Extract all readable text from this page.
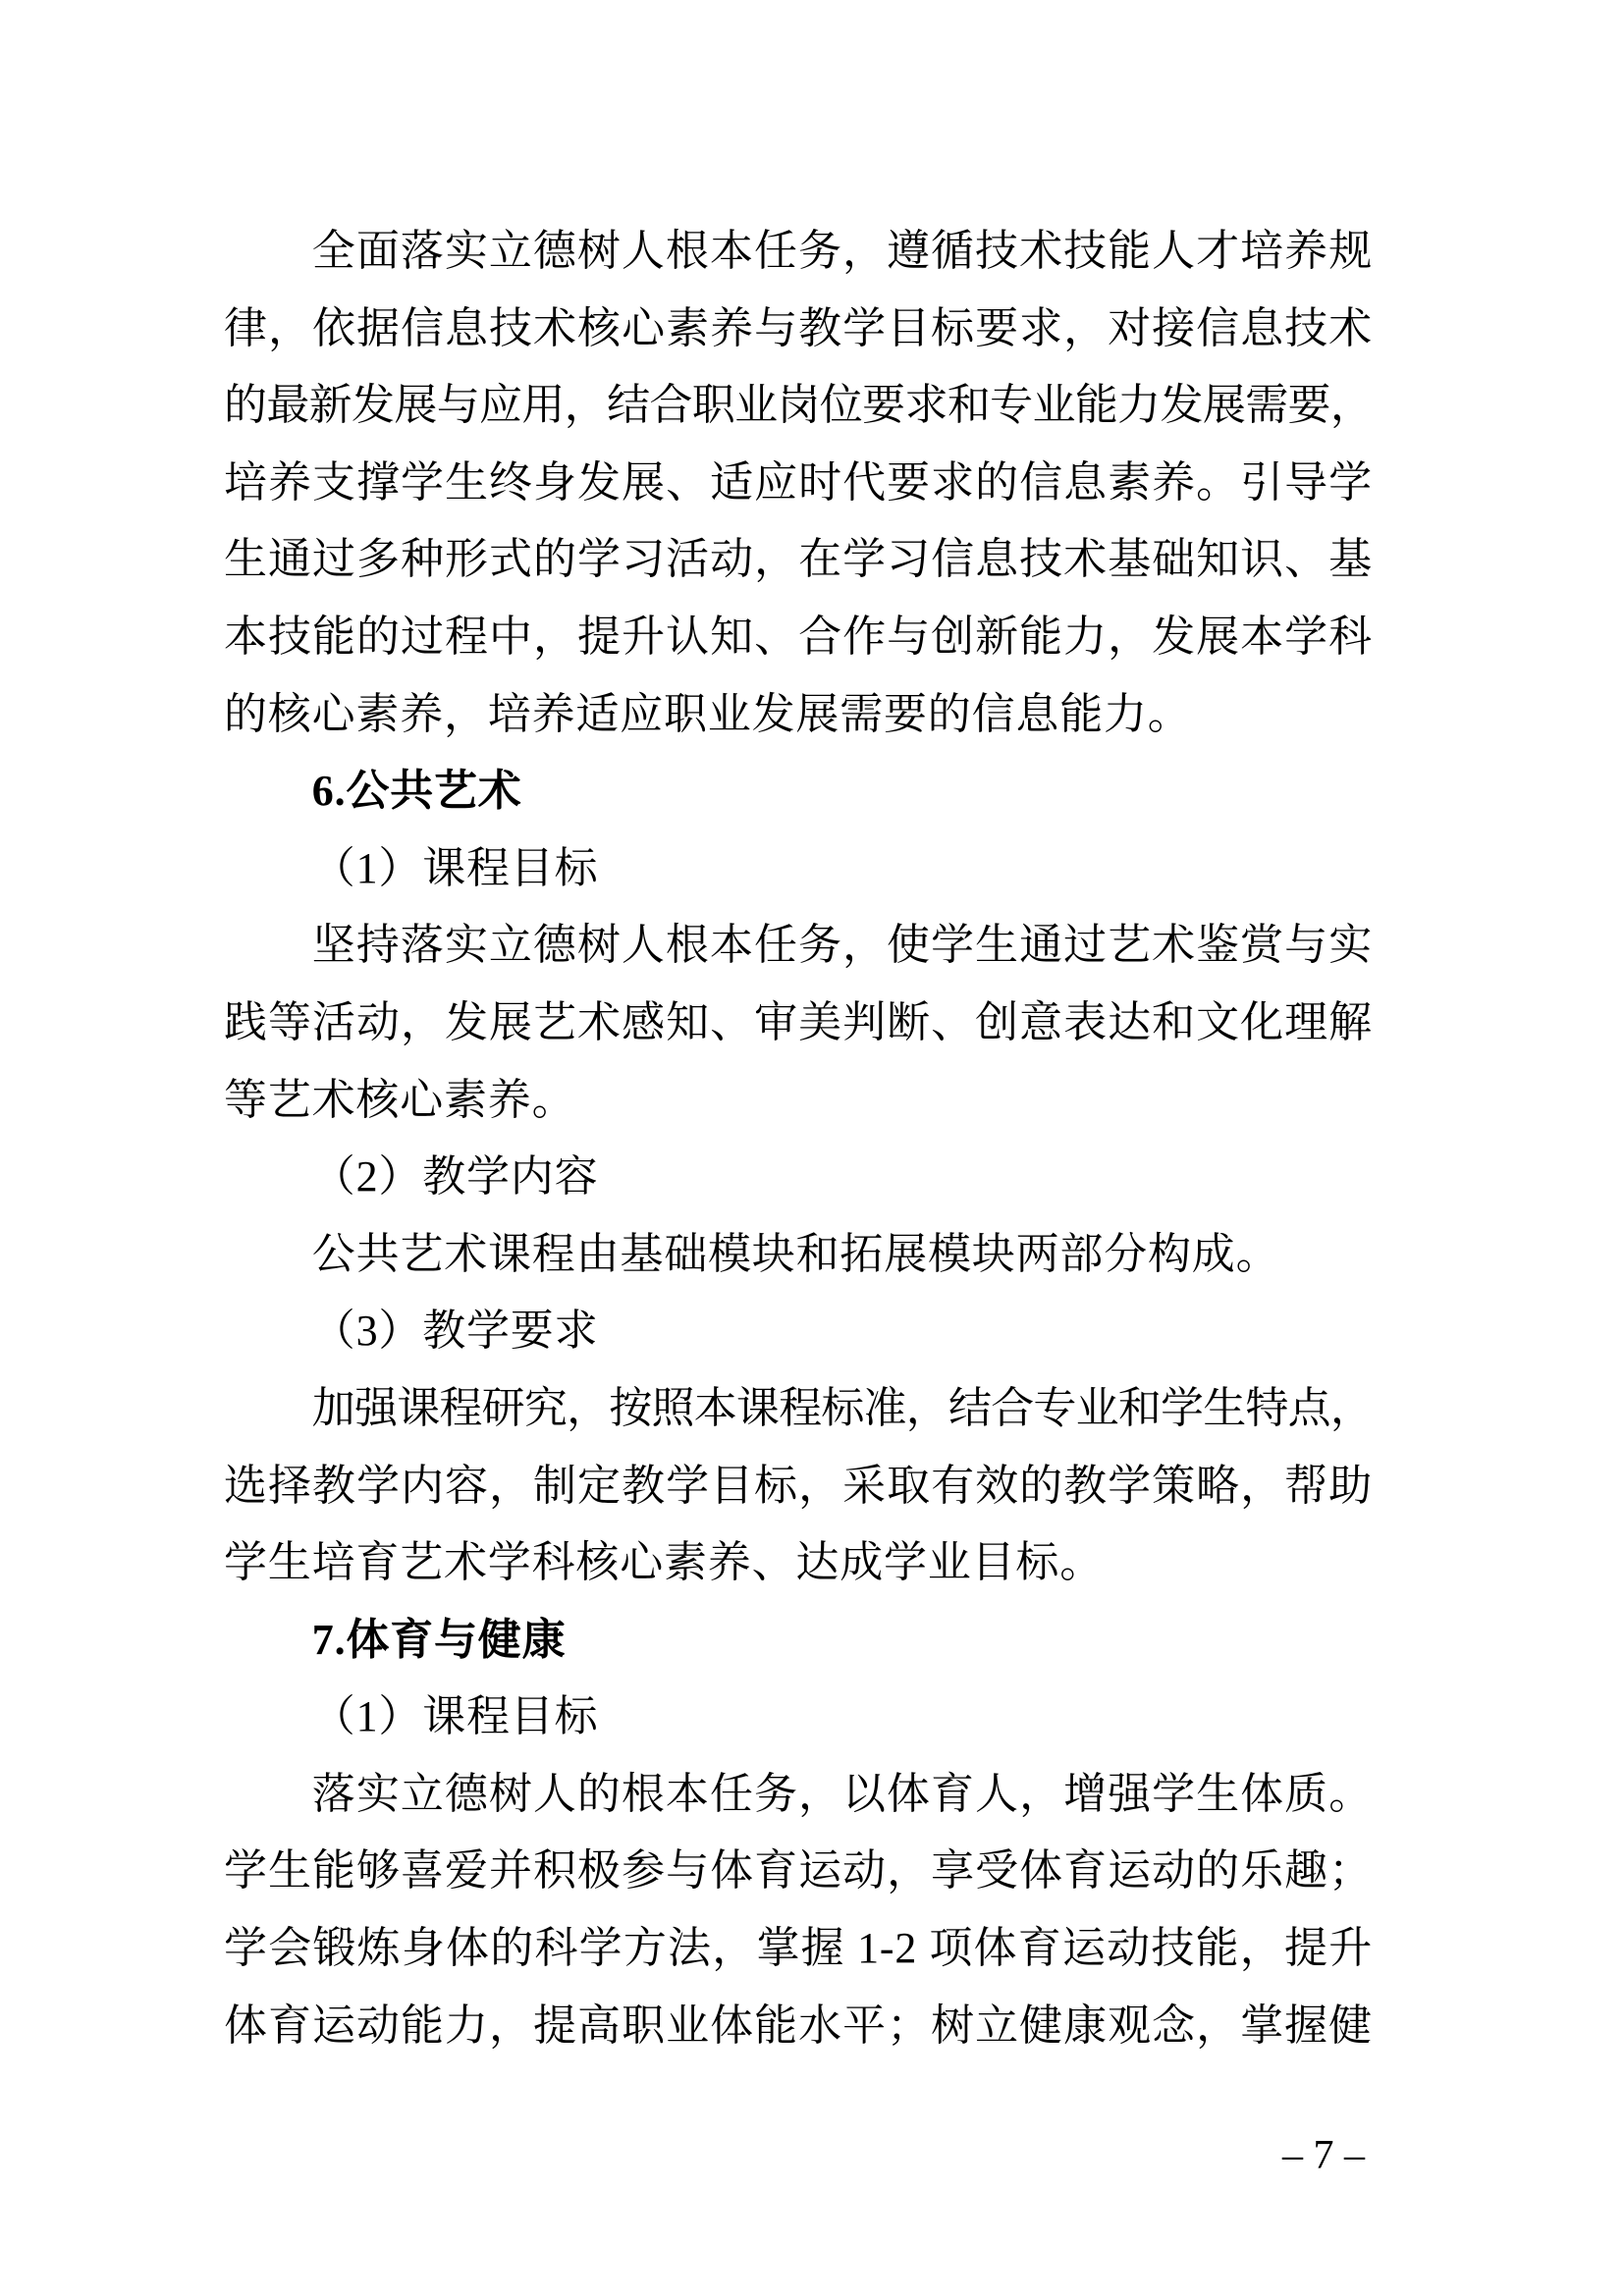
全面落实立德树人根本任务，遵循技术技能人才培养规
律，依据信息技术核心素养与教学目标要求，对接信息技术
的最新发展与应用，结合职业岗位要求和专业能力发展需要，
培养支撑学生终身发展、适应时代要求的信息素养。引导学
生通过多种形式的学习活动，在学习信息技术基础知识、基
本技能的过程中，提升认知、合作与创新能力，发展本学科
的核心素养，培养适应职业发展需要的信息能力。
6.公共艺术
（1）课程目标
坚持落实立德树人根本任务，使学生通过艺术鉴赏与实
践等活动，发展艺术感知、审美判断、创意表达和文化理解
等艺术核心素养。
（2）教学内容
公共艺术课程由基础模块和拓展模块两部分构成。
（3）教学要求
加强课程研究，按照本课程标准，结合专业和学生特点，
选择教学内容，制定教学目标，采取有效的教学策略，帮助
学生培育艺术学科核心素养、达成学业目标。
7.体育与健康
（1）课程目标
落实立德树人的根本任务，以体育人，增强学生体质。
学生能够喜爱并积极参与体育运动，享受体育运动的乐趣；
学会锻炼身体的科学方法，掌握 1-2 项体育运动技能，提升
体育运动能力，提高职业体能水平；树立健康观念，掌握健
– 7 –
